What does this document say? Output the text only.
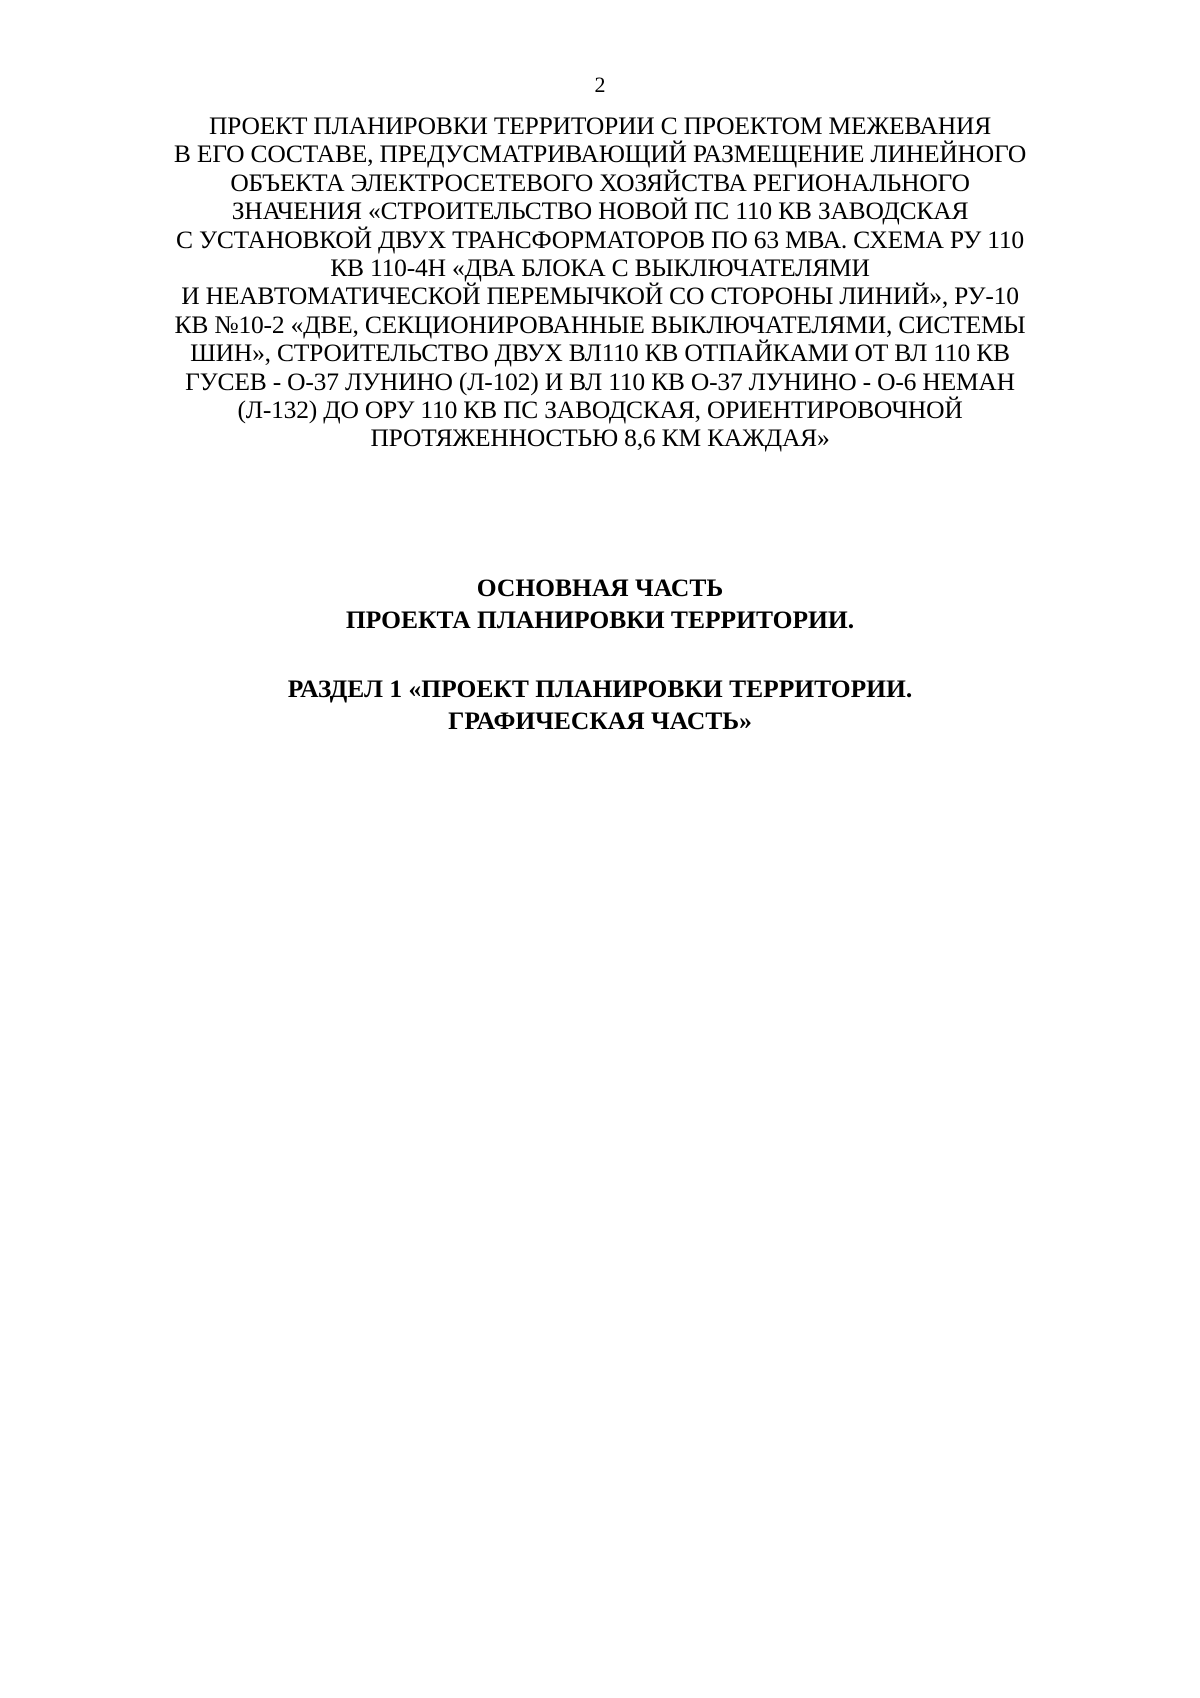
2
ПРОЕКТ ПЛАНИРОВКИ ТЕРРИТОРИИ С ПРОЕКТОМ МЕЖЕВАНИЯ
В ЕГО СОСТАВЕ, ПРЕДУСМАТРИВАЮЩИЙ РАЗМЕЩЕНИЕ ЛИНЕЙНОГО
ОБЪЕКТА ЭЛЕКТРОСЕТЕВОГО ХОЗЯЙСТВА РЕГИОНАЛЬНОГО
ЗНАЧЕНИЯ «СТРОИТЕЛЬСТВО НОВОЙ ПС 110 КВ ЗАВОДСКАЯ
С УСТАНОВКОЙ ДВУХ ТРАНСФОРМАТОРОВ ПО 63 МВА. СХЕМА РУ 110
КВ 110-4Н «ДВА БЛОКА С ВЫКЛЮЧАТЕЛЯМИ
И НЕАВТОМАТИЧЕСКОЙ ПЕРЕМЫЧКОЙ СО СТОРОНЫ ЛИНИЙ», РУ-10
КВ №10-2 «ДВЕ, СЕКЦИОНИРОВАННЫЕ ВЫКЛЮЧАТЕЛЯМИ, СИСТЕМЫ
ШИН», СТРОИТЕЛЬСТВО ДВУХ ВЛ110 КВ ОТПАЙКАМИ ОТ ВЛ 110 КВ
ГУСЕВ - О-37 ЛУНИНО (Л-102) И ВЛ 110 КВ О-37 ЛУНИНО - О-6 НЕМАН
(Л-132) ДО ОРУ 110 КВ ПС ЗАВОДСКАЯ, ОРИЕНТИРОВОЧНОЙ
ПРОТЯЖЕННОСТЬЮ 8,6 КМ КАЖДАЯ»
ОСНОВНАЯ ЧАСТЬ
ПРОЕКТА ПЛАНИРОВКИ ТЕРРИТОРИИ.
РАЗДЕЛ 1 «ПРОЕКТ ПЛАНИРОВКИ ТЕРРИТОРИИ.
ГРАФИЧЕСКАЯ ЧАСТЬ»
